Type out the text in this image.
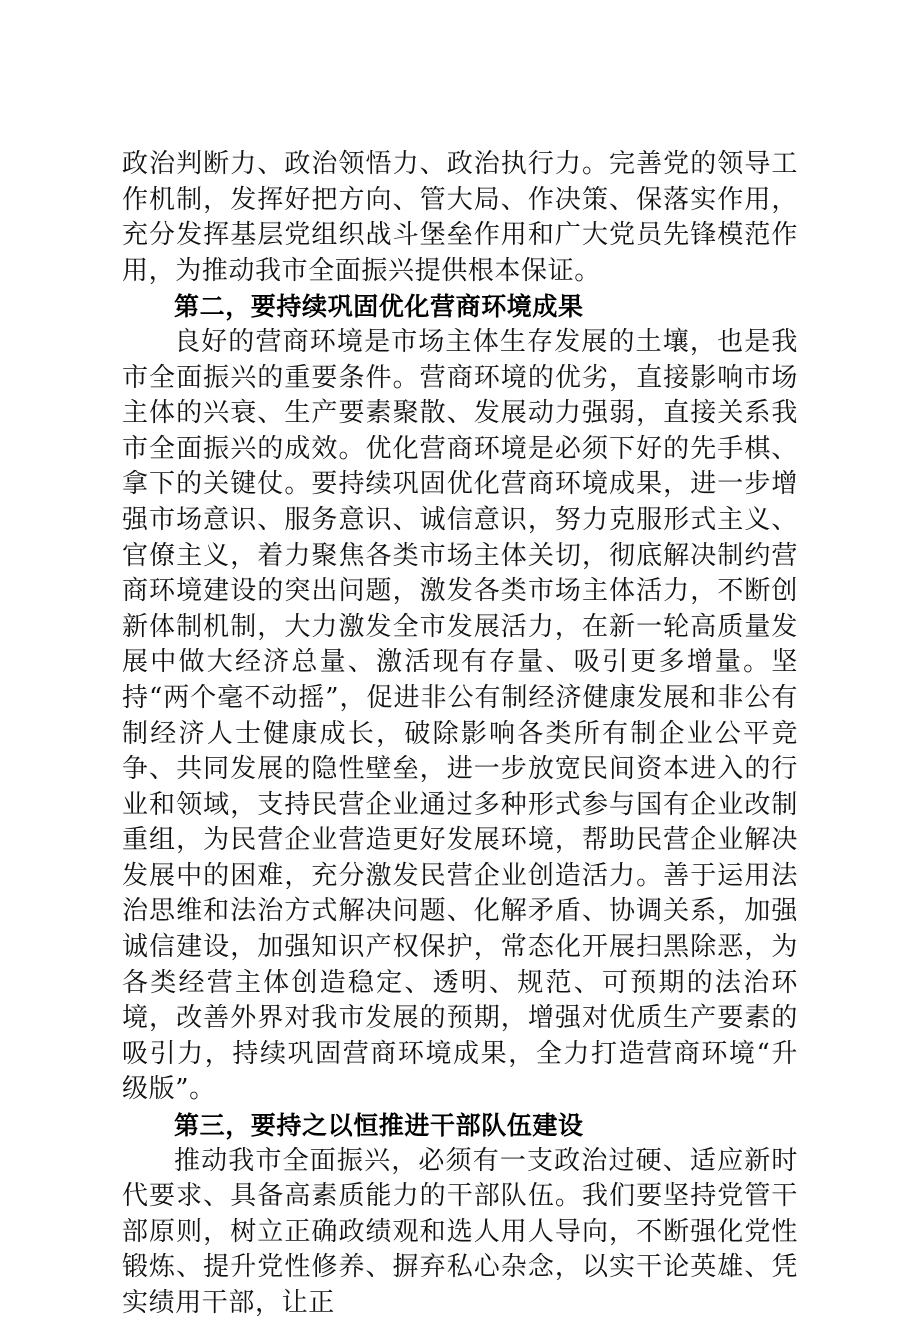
政治判断力、政治领悟力、政治执行力。完善党的领导工作机制，发挥好把方向、管大局、作决策、保落实作用，充分发挥基层党组织战斗堡垒作用和广大党员先锋模范作用，为推动我市全面振兴提供根本保证。

第二，要持续巩固优化营商环境成果

良好的营商环境是市场主体生存发展的土壤，也是我市全面振兴的重要条件。营商环境的优劣，直接影响市场主体的兴衰、生产要素聚散、发展动力强弱，直接关系我市全面振兴的成效。优化营商环境是必须下好的先手棋、拿下的关键仗。要持续巩固优化营商环境成果，进一步增强市场意识、服务意识、诚信意识，努力克服形式主义、官僚主义，着力聚焦各类市场主体关切，彻底解决制约营商环境建设的突出问题，激发各类市场主体活力，不断创新体制机制，大力激发全市发展活力，在新一轮高质量发展中做大经济总量、激活现有存量、吸引更多增量。坚持“两个毫不动摇”，促进非公有制经济健康发展和非公有制经济人士健康成长，破除影响各类所有制企业公平竞争、共同发展的隐性壁垒，进一步放宽民间资本进入的行业和领域，支持民营企业通过多种形式参与国有企业改制重组，为民营企业营造更好发展环境，帮助民营企业解决发展中的困难，充分激发民营企业创造活力。善于运用法治思维和法治方式解决问题、化解矛盾、协调关系，加强诚信建设，加强知识产权保护，常态化开展扫黑除恶，为各类经营主体创造稳定、透明、规范、可预期的法治环境，改善外界对我市发展的预期，增强对优质生产要素的吸引力，持续巩固营商环境成果，全力打造营商环境“升级版”。

第三，要持之以恒推进干部队伍建设

推动我市全面振兴，必须有一支政治过硬、适应新时代要求、具备高素质能力的干部队伍。我们要坚持党管干部原则，树立正确政绩观和选人用人导向，不断强化党性锻炼、提升党性修养、摒弃私心杂念，以实干论英雄、凭实绩用干部，让正
